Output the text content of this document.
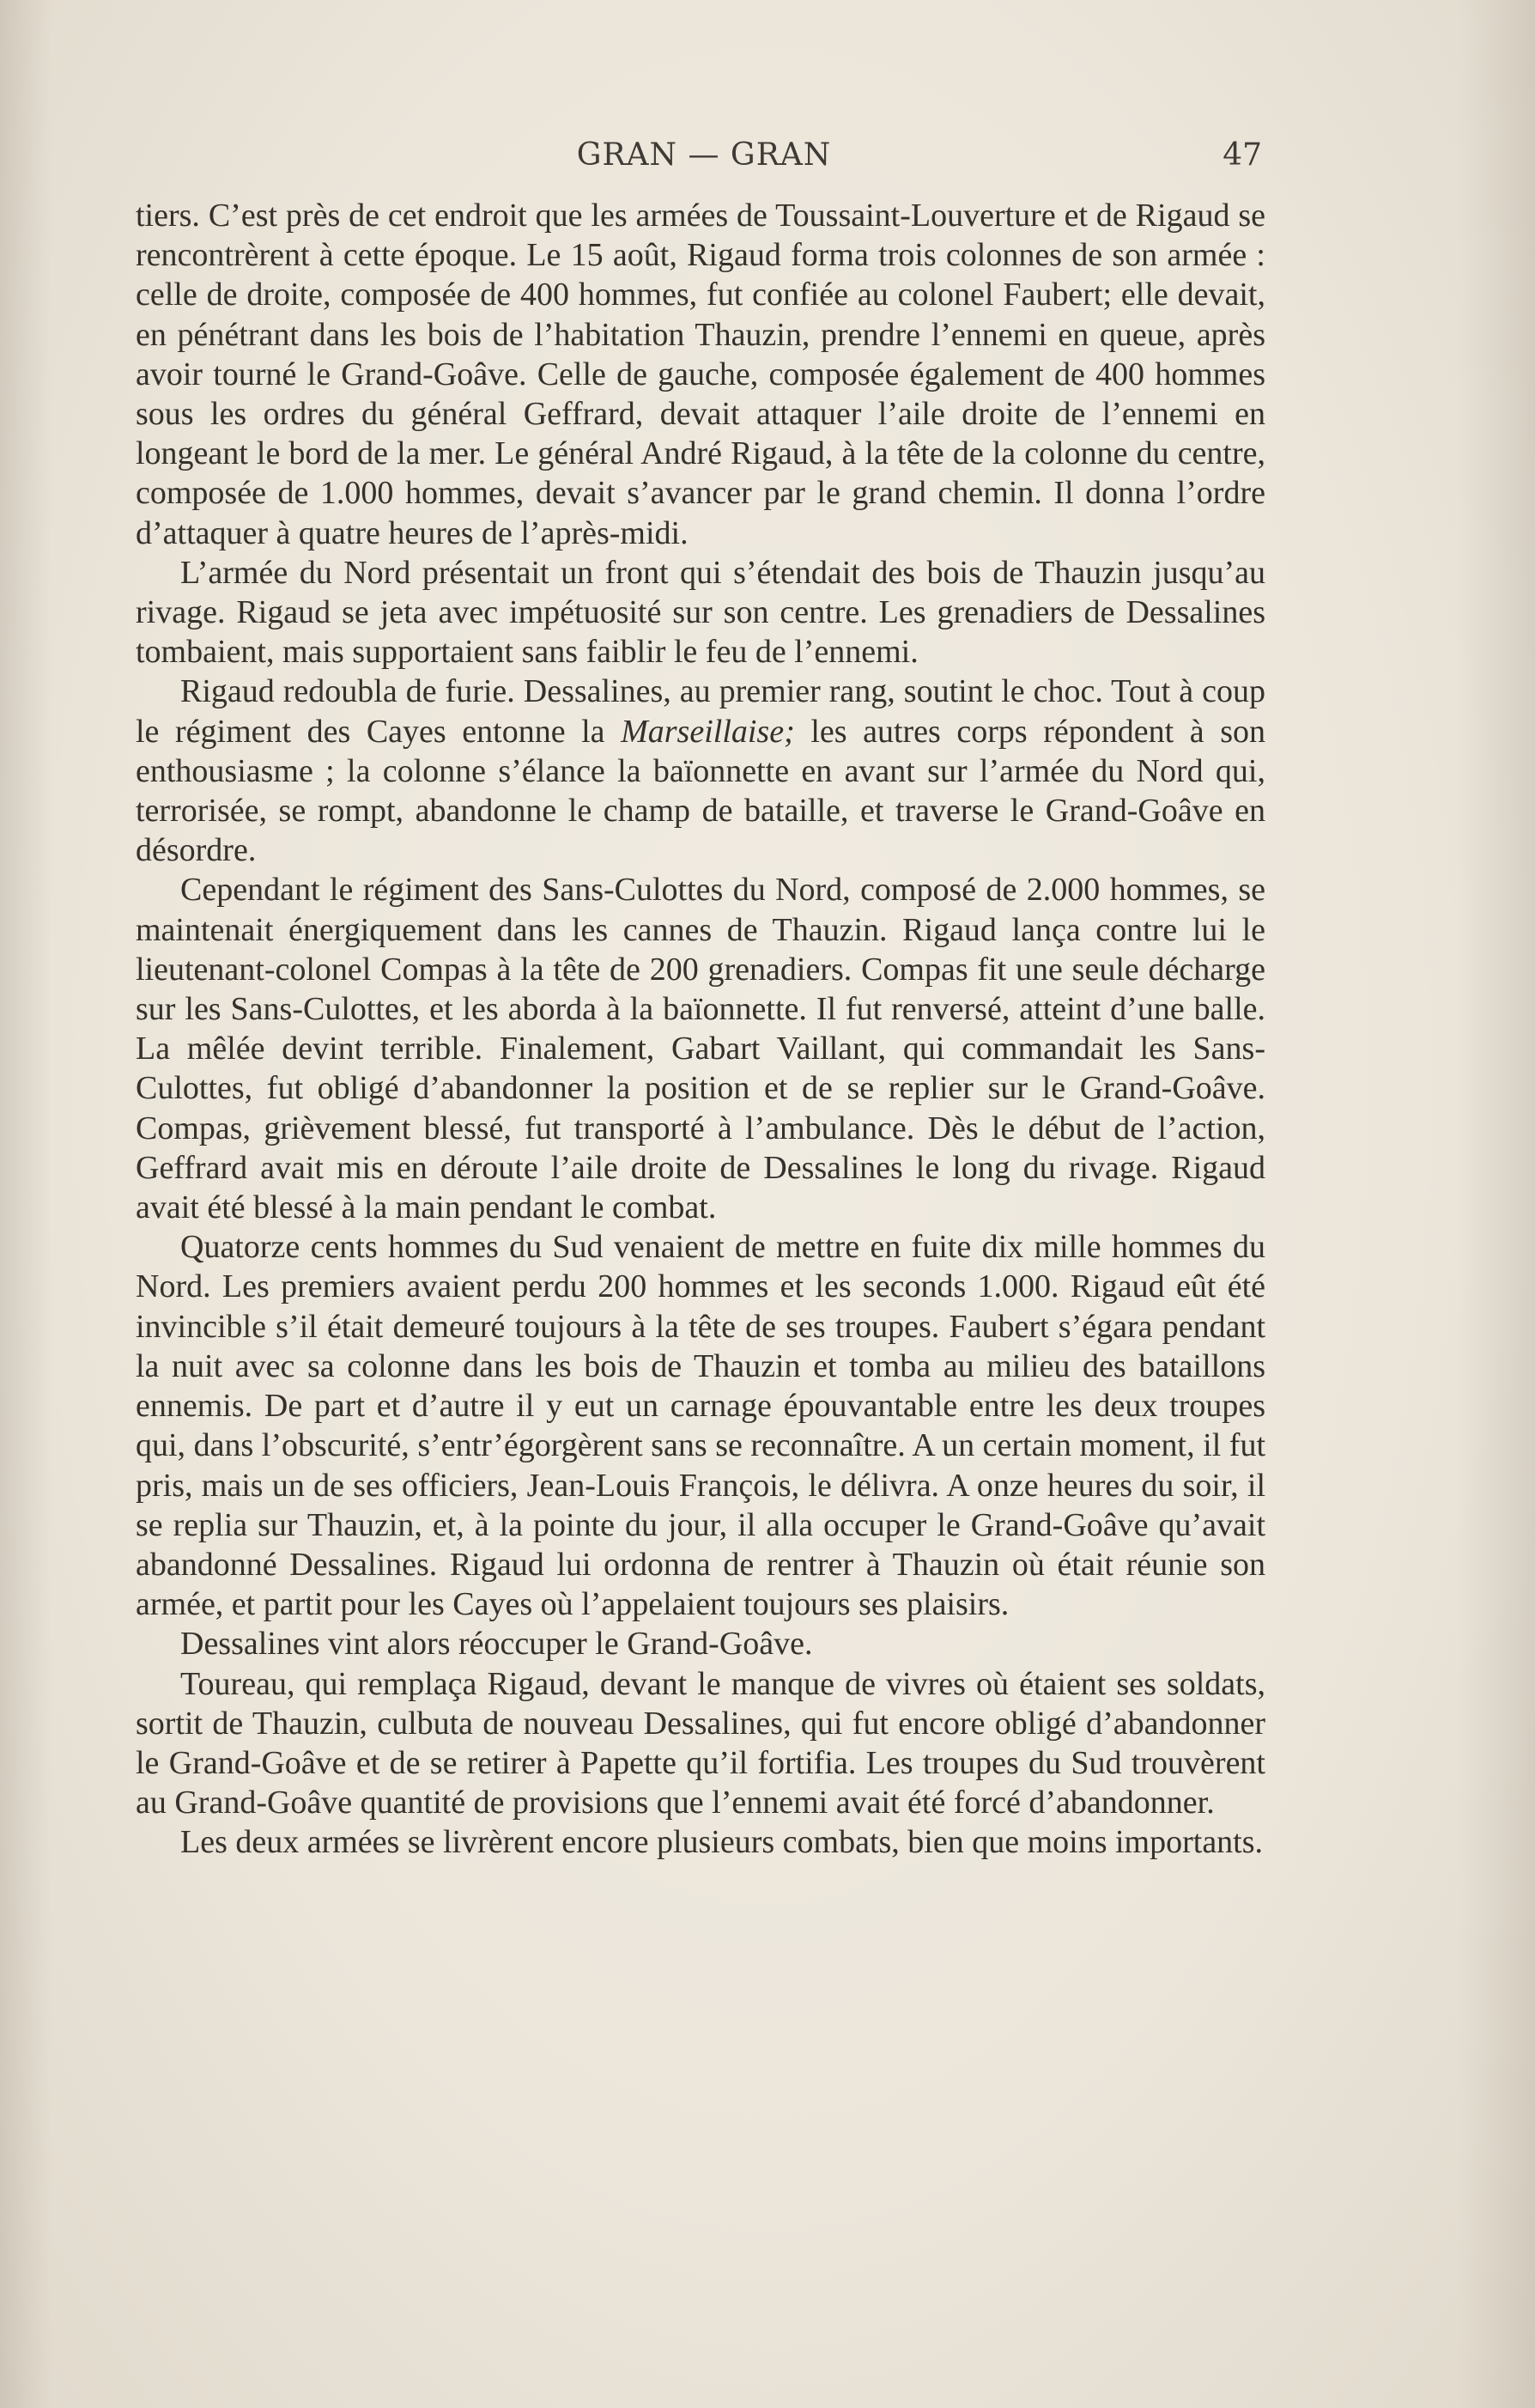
GRAN — GRAN	47

tiers. C’est près de cet endroit que les armées de Toussaint-Louverture et de Rigaud se rencontrèrent à cette époque. Le 15 août, Rigaud forma trois colonnes de son armée : celle de droite, composée de 400 hommes, fut confiée au colonel Faubert; elle devait, en pénétrant dans les bois de l’habitation Thauzin, prendre l’ennemi en queue, après avoir tourné le Grand-Goâve. Celle de gauche, composée également de 400 hommes sous les ordres du général Geffrard, devait attaquer l’aile droite de l’ennemi en longeant le bord de la mer. Le général André Rigaud, à la tête de la colonne du centre, composée de 1.000 hommes, devait s’avancer par le grand chemin. Il donna l’ordre d’attaquer à quatre heures de l’après-midi.

L’armée du Nord présentait un front qui s’étendait des bois de Thauzin jusqu’au rivage. Rigaud se jeta avec impétuosité sur son centre. Les grenadiers de Dessalines tombaient, mais supportaient sans faiblir le feu de l’ennemi.

Rigaud redoubla de furie. Dessalines, au premier rang, soutint le choc. Tout à coup le régiment des Cayes entonne la Marseillaise; les autres corps répondent à son enthousiasme ; la colonne s’élance la baïonnette en avant sur l’armée du Nord qui, terrorisée, se rompt, abandonne le champ de bataille, et traverse le Grand-Goâve en désordre.

Cependant le régiment des Sans-Culottes du Nord, composé de 2.000 hommes, se maintenait énergiquement dans les cannes de Thauzin. Rigaud lança contre lui le lieutenant-colonel Compas à la tête de 200 grenadiers. Compas fit une seule décharge sur les Sans-Culottes, et les aborda à la baïonnette. Il fut renversé, atteint d’une balle. La mêlée devint terrible. Finalement, Gabart Vaillant, qui commandait les Sans-Culottes, fut obligé d’abandonner la position et de se replier sur le Grand-Goâve. Compas, grièvement blessé, fut transporté à l’ambulance. Dès le début de l’action, Geffrard avait mis en déroute l’aile droite de Dessalines le long du rivage. Rigaud avait été blessé à la main pendant le combat.

Quatorze cents hommes du Sud venaient de mettre en fuite dix mille hommes du Nord. Les premiers avaient perdu 200 hommes et les seconds 1.000. Rigaud eût été invincible s’il était demeuré toujours à la tête de ses troupes. Faubert s’égara pendant la nuit avec sa colonne dans les bois de Thauzin et tomba au milieu des bataillons ennemis. De part et d’autre il y eut un carnage épouvantable entre les deux troupes qui, dans l’obscurité, s’entr’égorgèrent sans se reconnaître. A un certain moment, il fut pris, mais un de ses officiers, Jean-Louis François, le délivra. A onze heures du soir, il se replia sur Thauzin, et, à la pointe du jour, il alla occuper le Grand-Goâve qu’avait abandonné Dessalines. Rigaud lui ordonna de rentrer à Thauzin où était réunie son armée, et partit pour les Cayes où l’appelaient toujours ses plaisirs.

Dessalines vint alors réoccuper le Grand-Goâve.

Toureau, qui remplaça Rigaud, devant le manque de vivres où étaient ses soldats, sortit de Thauzin, culbuta de nouveau Dessalines, qui fut encore obligé d’abandonner le Grand-Goâve et de se retirer à Papette qu’il fortifia. Les troupes du Sud trouvèrent au Grand-Goâve quantité de provisions que l’ennemi avait été forcé d’abandonner.

Les deux armées se livrèrent encore plusieurs combats, bien que moins importants.
